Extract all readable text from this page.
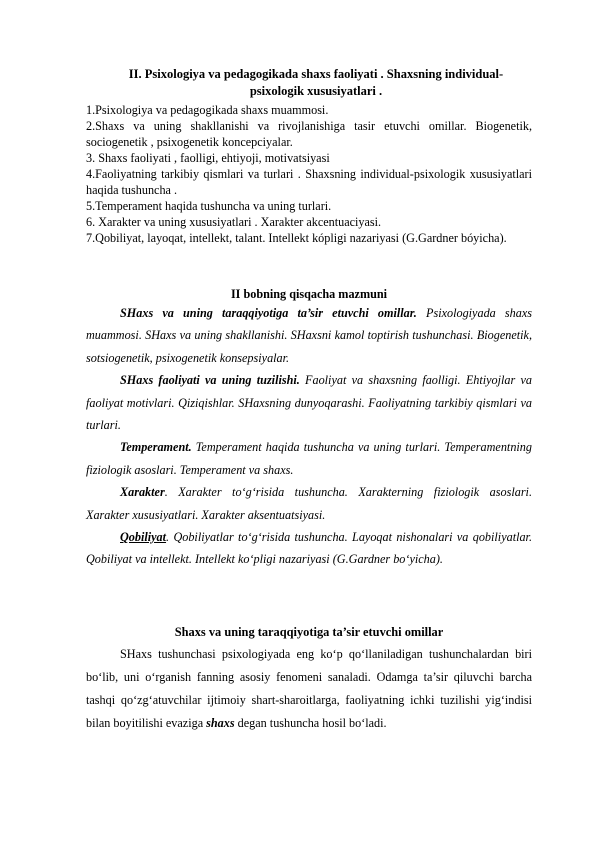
II. Psixologiya va pedagogikada shaxs faoliyati . Shaxsning individual-
psixologik xususiyatlari .

1.Psixologiya va pedagogikada shaxs muammosi.

2.Shaxs va uning shakllanishi va rivojlanishiga tasir etuvchi omillar. Biogenetik, sociogenetik , psixogenetik koncepciyalar.

3. Shaxs faoliyati , faolligi, ehtiyoji, motivatsiyasi

4.Faoliyatning tarkibiy qismlari va turlari . Shaxsning individual-psixologik xususiyatlari haqida tushuncha .

5.Temperament haqida tushuncha va uning turlari.

6. Xarakter va uning xususiyatlari . Xarakter akcentuaciyasi.

7.Qobiliyat, layoqat, intellekt, talant. Intellekt kópligi nazariyasi (G.Gardner bóyicha).

II bobning qisqacha mazmuni

SHaxs va uning taraqqiyotiga ta’sir etuvchi omillar. Psixologiyada shaxs muammosi. SHaxs va uning shakllanishi. SHaxsni kamol toptirish tushunchasi. Biogenetik, sotsiogenetik, psixogenetik konsepsiyalar.

SHaxs faoliyati va uning tuzilishi. Faoliyat va shaxsning faolligi. Ehtiyojlar va faoliyat motivlari. Qiziqishlar. SHaxsning dunyoqarashi. Faoliyatning tarkibiy qismlari va turlari.

Temperament. Temperament haqida tushuncha va uning turlari. Temperamentning fiziologik asoslari. Temperament va shaxs.

Xarakter. Xarakter to‘g‘risida tushuncha. Xarakterning fiziologik asoslari. Xarakter xususiyatlari. Xarakter aksentuatsiyasi.

Qobiliyat. Qobiliyatlar to‘g‘risida tushuncha. Layoqat nishonalari va qobiliyatlar. Qobiliyat va intellekt. Intellekt ko‘pligi nazariyasi (G.Gardner bo‘yicha).

Shaxs va uning taraqqiyotiga ta’sir etuvchi omillar

SHaxs tushunchasi psixologiyada eng ko‘p qo‘llaniladigan tushunchalardan biri bo‘lib, uni o‘rganish fanning asosiy fenomeni sanaladi. Odamga ta’sir qiluvchi barcha tashqi qo‘zg‘atuvchilar ijtimoiy shart-sharoitlarga, faoliyatning ichki tuzilishi yig‘indisi bilan boyitilishi evaziga shaxs degan tushuncha hosil bo‘ladi.
